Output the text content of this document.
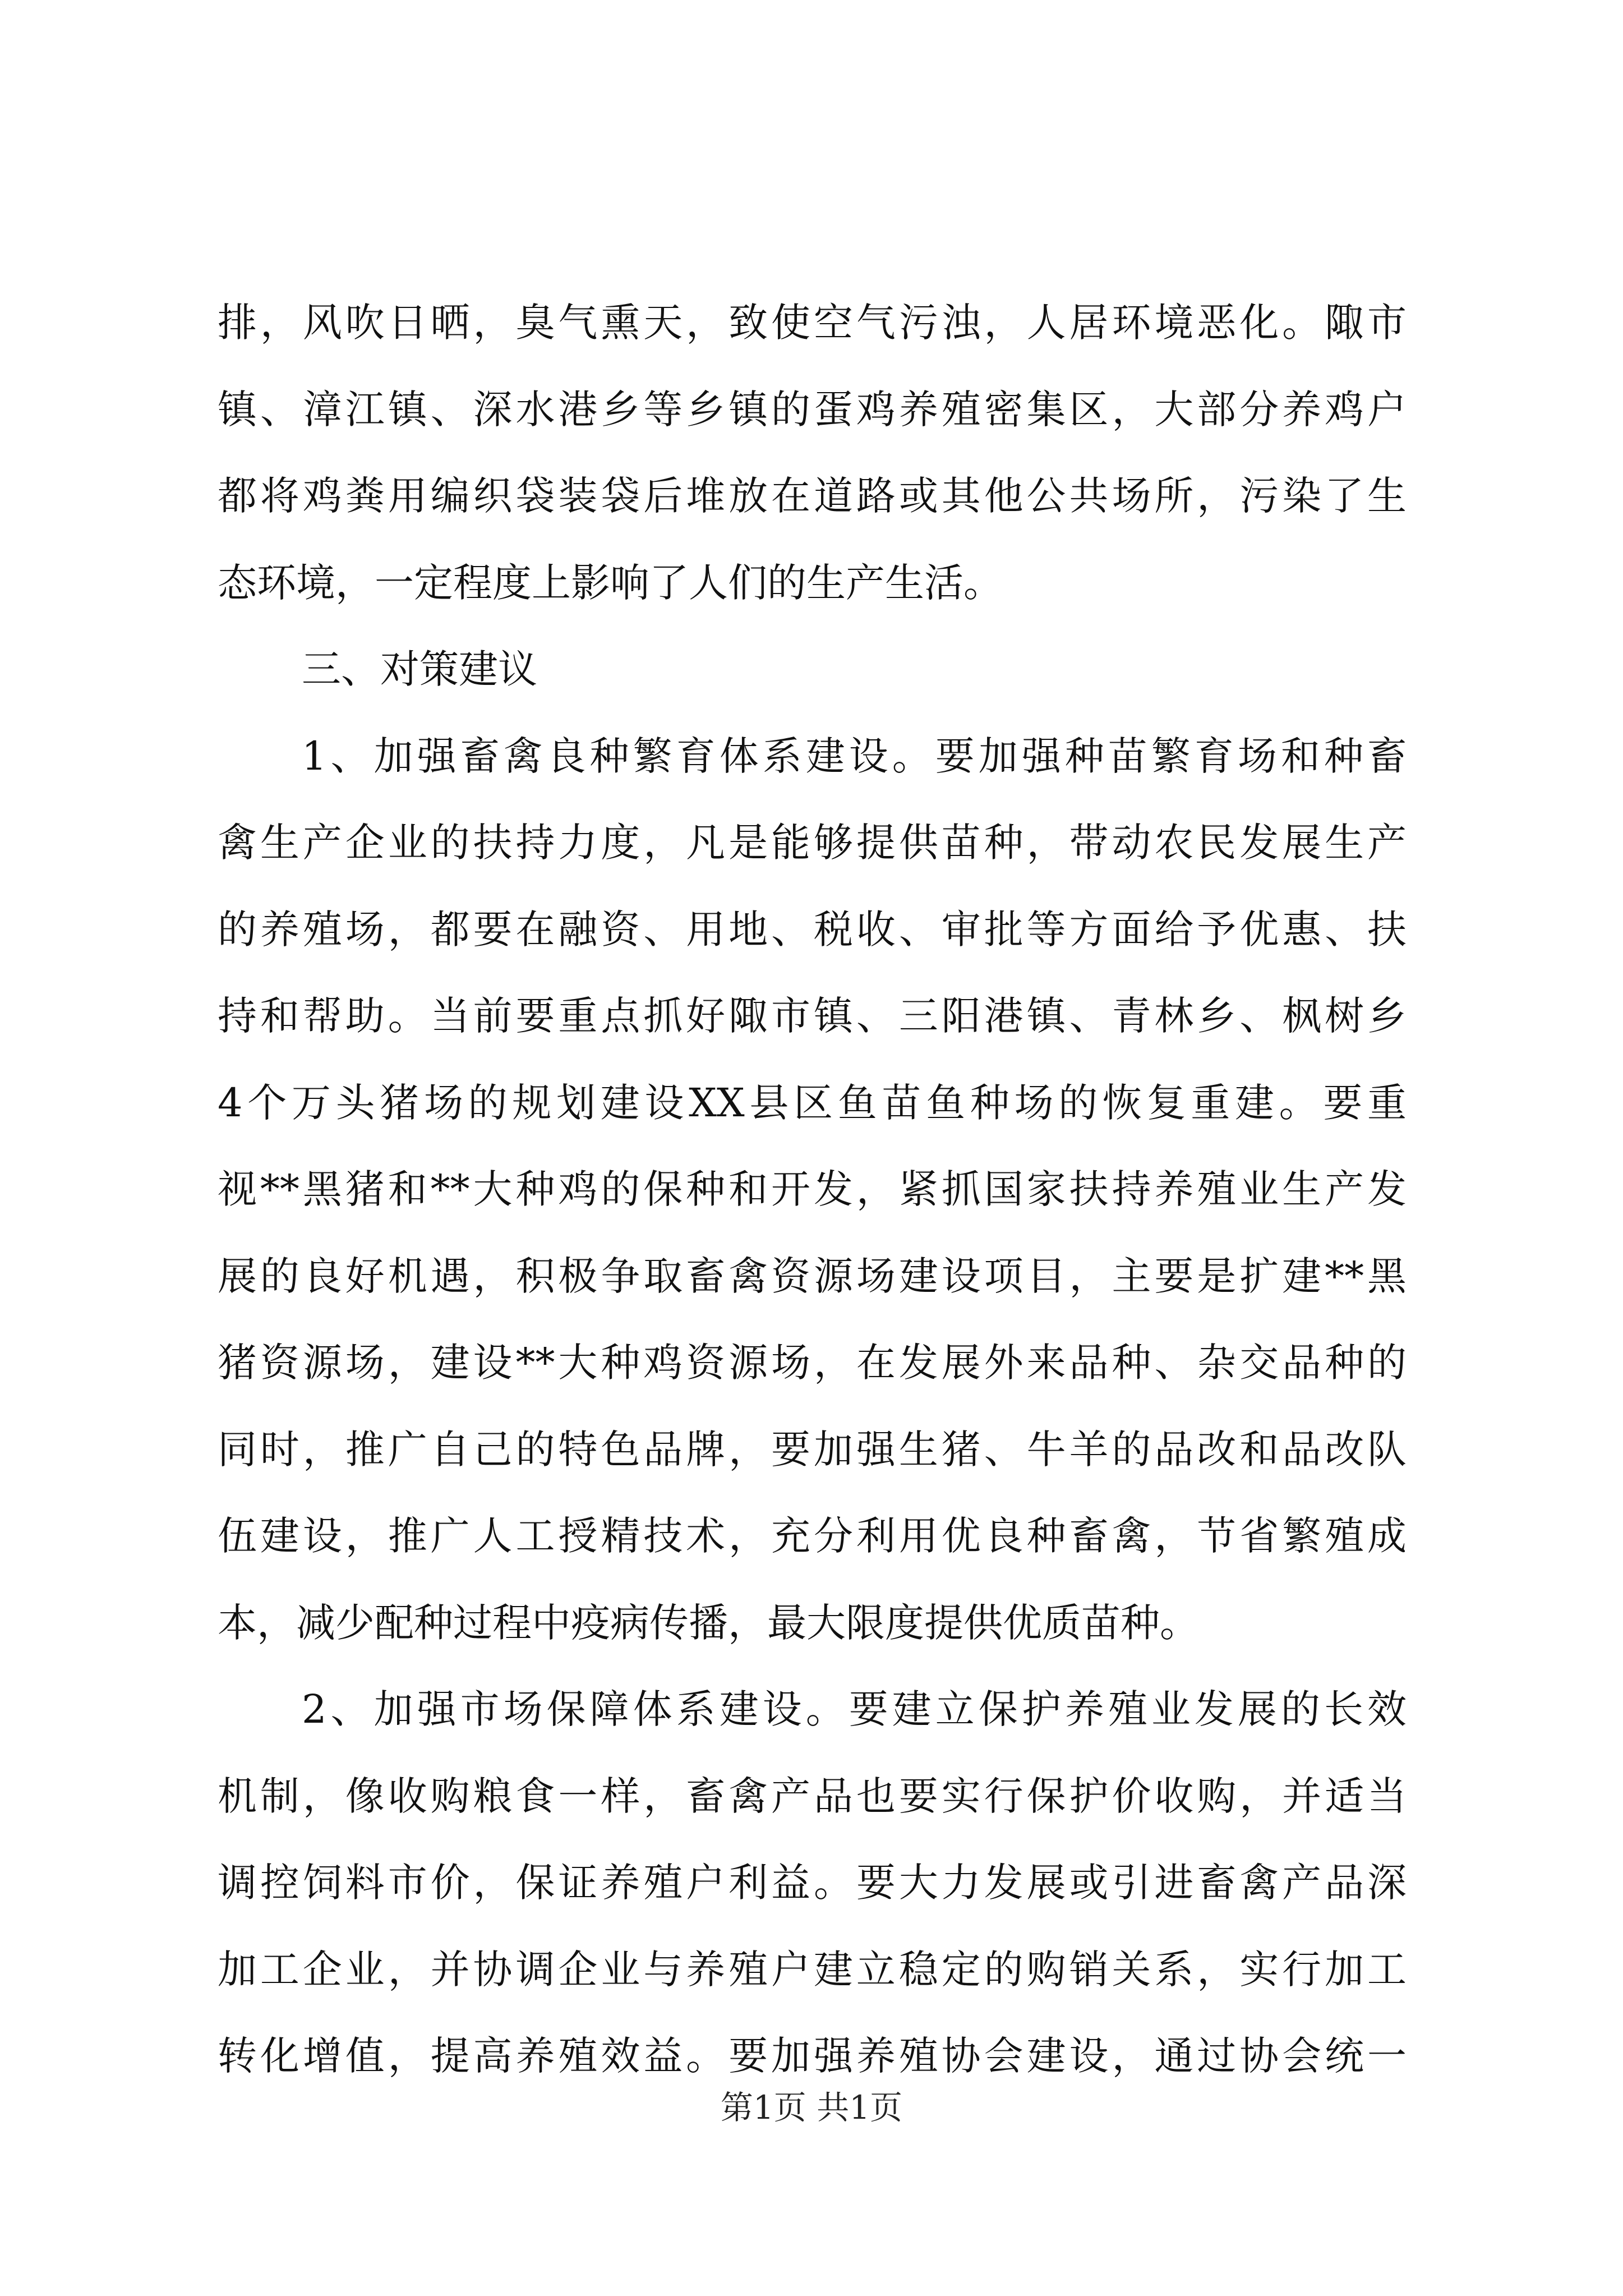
排，风吹日晒，臭气熏天，致使空气污浊，人居环境恶化。陬市
镇、漳江镇、深水港乡等乡镇的蛋鸡养殖密集区，大部分养鸡户
都将鸡粪用编织袋装袋后堆放在道路或其他公共场所，污染了生
态环境，一定程度上影响了人们的生产生活。
三、对策建议
1、加强畜禽良种繁育体系建设。要加强种苗繁育场和种畜
禽生产企业的扶持力度，凡是能够提供苗种，带动农民发展生产
的养殖场，都要在融资、用地、税收、审批等方面给予优惠、扶
持和帮助。当前要重点抓好陬市镇、三阳港镇、青林乡、枫树乡
4个万头猪场的规划建设XX县区鱼苗鱼种场的恢复重建。要重
视**黑猪和**大种鸡的保种和开发，紧抓国家扶持养殖业生产发
展的良好机遇，积极争取畜禽资源场建设项目，主要是扩建**黑
猪资源场，建设**大种鸡资源场，在发展外来品种、杂交品种的
同时，推广自己的特色品牌，要加强生猪、牛羊的品改和品改队
伍建设，推广人工授精技术，充分利用优良种畜禽，节省繁殖成
本，减少配种过程中疫病传播，最大限度提供优质苗种。
2、加强市场保障体系建设。要建立保护养殖业发展的长效
机制，像收购粮食一样，畜禽产品也要实行保护价收购，并适当
调控饲料市价，保证养殖户利益。要大力发展或引进畜禽产品深
加工企业，并协调企业与养殖户建立稳定的购销关系，实行加工
转化增值，提高养殖效益。要加强养殖协会建设，通过协会统一
第1页 共1页
